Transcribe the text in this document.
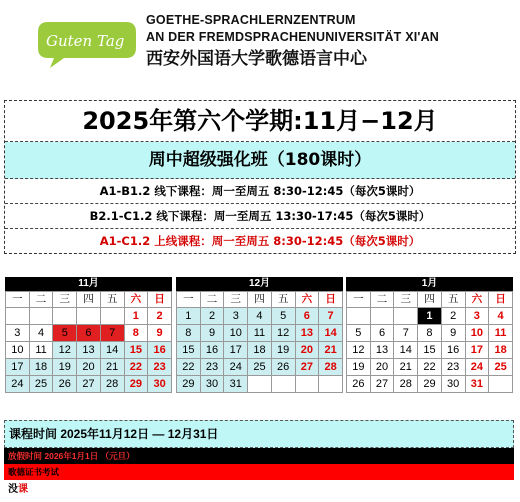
Guten Tag
GOETHE-SPRACHLERNZENTRUM
AN DER FREMDSPRACHENUNIVERSITÄT XI'AN
西安外国语大学歌德语言中心
2025年第六个学期:11月−12月
周中超级强化班（180课时）
A1-B1.2 线下课程：周一至周五 8:30-12:45（每次5课时）
B2.1-C1.2 线下课程：周一至周五 13:30-17:45（每次5课时）
A1-C1.2 上线课程：周一至周五 8:30-12:45（每次5课时）
11月
一	二	三	四	五	六	日
					1	2
3	4	5	6	7	8	9
10	11	12	13	14	15	16
17	18	19	20	21	22	23
24	25	26	27	28	29	30
12月
一	二	三	四	五	六	日
1	2	3	4	5	6	7
8	9	10	11	12	13	14
15	16	17	18	19	20	21
22	23	24	25	26	27	28
29	30	31				
1月
一	二	三	四	五	六	日
			1	2	3	4
5	6	7	8	9	10	11
12	13	14	15	16	17	18
19	20	21	22	23	24	25
26	27	28	29	30	31	
课程时间 2025年11月12日 — 12月31日
放假时间 2026年1月1日 （元旦）
歌德证书考试
没课
